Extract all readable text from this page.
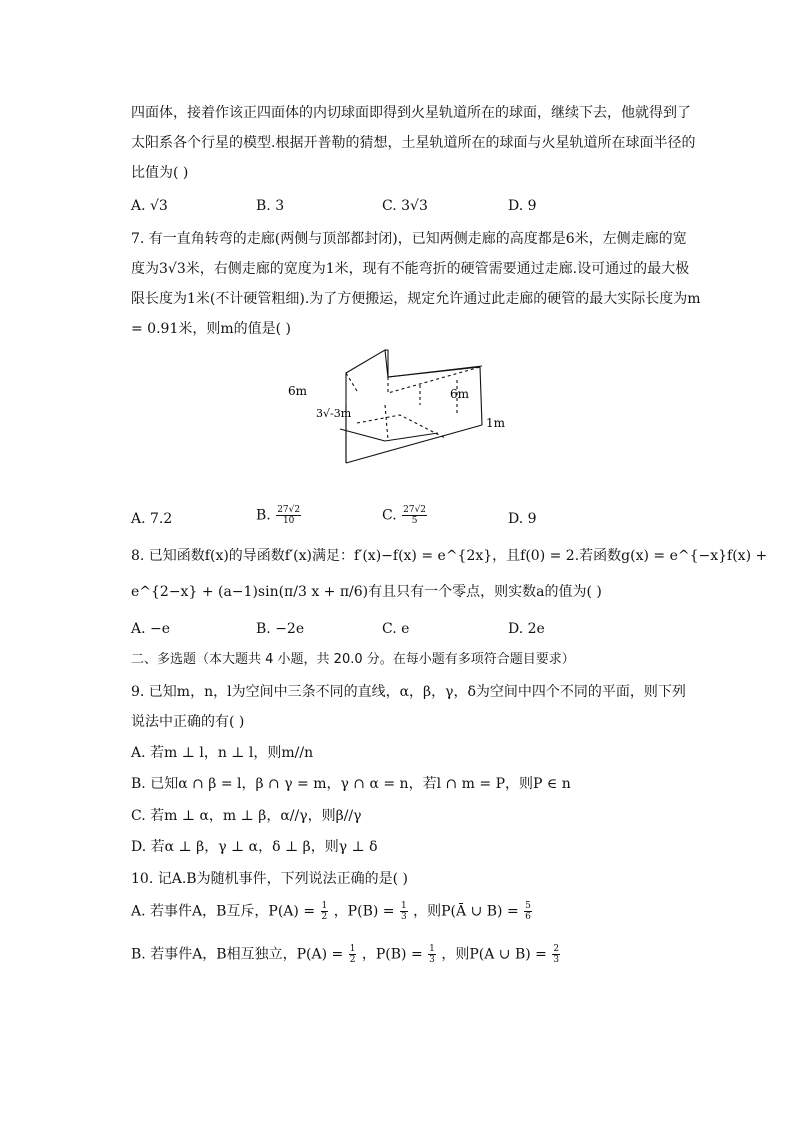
四面体，接着作该正四面体的内切球面即得到火星轨道所在的球面，继续下去，他就得到了
太阳系各个行星的模型.根据开普勒的猜想，土星轨道所在的球面与火星轨道所在球面半径的
比值为( )
A. √3	B. 3	C. 3√3	D. 9
7. 有一直角转弯的走廊(两侧与顶部都封闭)，已知两侧走廊的高度都是6米，左侧走廊的宽
度为3√3米，右侧走廊的宽度为1米，现有不能弯折的硬管需要通过走廊.设可通过的最大极
限长度为1米(不计硬管粗细).为了方便搬运，规定允许通过此走廊的硬管的最大实际长度为m
= 0.91米，则m的值是( )
6m	6m
3√-3m
1m
A. 7.2	B. $\frac{27√2}{10}$	C. $\frac{27√2}{5}$	D. 9
8. 已知函数f(x)的导函数f′(x)满足：f′(x)−f(x) = e^{2x}，且f(0) = 2.若函数g(x) = e^{−x}f(x) +
e^{2−x} + (a−1)sin(π/3 x + π/6)有且只有一个零点，则实数a的值为( )
A. −e	B. −2e	C. e	D. 2e
二、多选题（本大题共 4 小题，共 20.0 分。在每小题有多项符合题目要求）
9. 已知m，n，l为空间中三条不同的直线，α，β，γ，δ为空间中四个不同的平面，则下列
说法中正确的有( )
A. 若m ⊥ l，n ⊥ l，则m//n
B. 已知α ∩ β = l，β ∩ γ = m，γ ∩ α = n，若l ∩ m = P，则P ∈ n
C. 若m ⊥ α，m ⊥ β，α//γ，则β//γ
D. 若α ⊥ β，γ ⊥ α，δ ⊥ β，则γ ⊥ δ
10. 记A.B为随机事件，下列说法正确的是( )
A. 若事件A，B互斥，$P(A) = \frac{1}{2}$ ，$P(B) = \frac{1}{3}$ ，则P(Ā ∪ $B) = \frac{5}{6}$
B. 若事件A，B相互独立，$P(A) = \frac{1}{2}$ ，$P(B) = \frac{1}{3}$ ，则P(A ∪ $B) = \frac{2}{3}$
